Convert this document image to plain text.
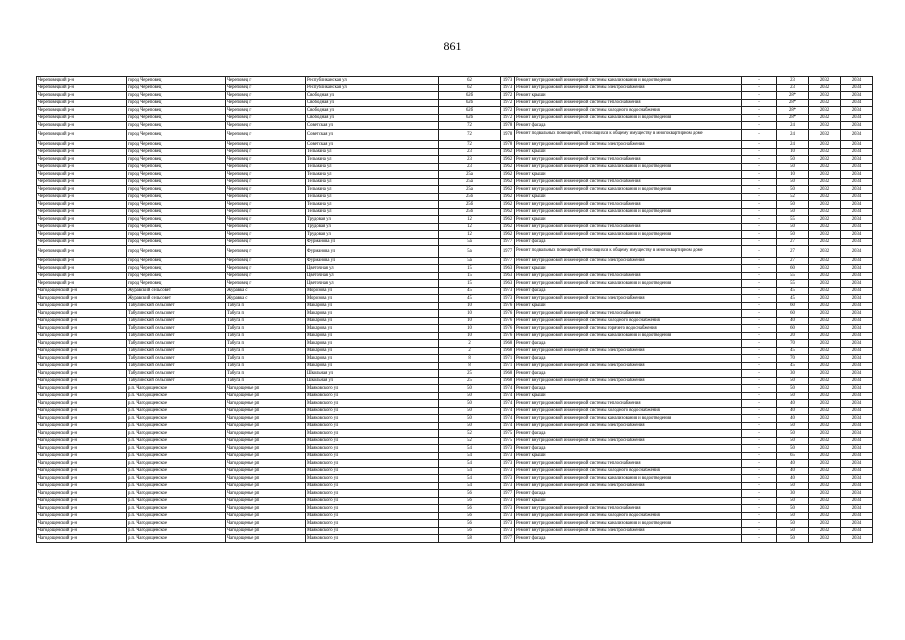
861
Череповецкий р-н	город Череповец	Череповец г	Республиканская ул	62	1973	Ремонт внутридомовой инженерной системы канализования и водоотведения	-	23	2032	2034
Череповецкий р-н	город Череповец	Череповец г	Республиканская ул	62	1973	Ремонт внутридомовой инженерной системы электроснабжения	-	23	2032	2034
Череповецкий р-н	город Череповец	Череповец г	Свободная ул	62б	1972	Ремонт крыши	-	28*	2032	2034
Череповецкий р-н	город Череповец	Череповец г	Свободная ул	62б	1972	Ремонт внутридомовой инженерной системы теплоснабжения	-	28*	2032	2034
Череповецкий р-н	город Череповец	Череповец г	Свободная ул	62б	1972	Ремонт внутридомовой инженерной системы холодного водоснабжения	-	28*	2032	2034
Череповецкий р-н	город Череповец	Череповец г	Свободная ул	62б	1972	Ремонт внутридомовой инженерной системы канализования и водоотведения	-	28*	2032	2034
Череповецкий р-н	город Череповец	Череповец г	Советская ул	72	1978	Ремонт фасада	-	24	2032	2034
Череповецкий р-н	город Череповец	Череповец г	Советская ул	72	1978	Ремонт подвальных помещений, относящихся к общему имуществу в многоквартирном доме	-	24	2032	2034
Череповецкий р-н	город Череповец	Череповец г	Советская ул	72	1978	Ремонт внутридомовой инженерной системы электроснабжения	-	24	2032	2034
Череповецкий р-н	город Череповец	Череповец г	Тельмана ул	23	1962	Ремонт крыши	-	10	2032	2034
Череповецкий р-н	город Череповец	Череповец г	Тельмана ул	23	1962	Ремонт внутридомовой инженерной системы теплоснабжения	-	50	2032	2034
Череповецкий р-н	город Череповец	Череповец г	Тельмана ул	23	1962	Ремонт внутридомовой инженерной системы канализования и водоотведения	-	50	2032	2034
Череповецкий р-н	город Череповец	Череповец г	Тельмана ул	25а	1962	Ремонт крыши	-	10	2032	2034
Череповецкий р-н	город Череповец	Череповец г	Тельмана ул	25а	1962	Ремонт внутридомовой инженерной системы теплоснабжения	-	50	2032	2034
Череповецкий р-н	город Череповец	Череповец г	Тельмана ул	25а	1962	Ремонт внутридомовой инженерной системы канализования и водоотведения	-	50	2032	2034
Череповецкий р-н	город Череповец	Череповец г	Тельмана ул	25б	1962	Ремонт крыши	-	52	2032	2034
Череповецкий р-н	город Череповец	Череповец г	Тельмана ул	25б	1962	Ремонт внутридомовой инженерной системы теплоснабжения	-	50	2032	2034
Череповецкий р-н	город Череповец	Череповец г	Тельмана ул	25б	1962	Ремонт внутридомовой инженерной системы канализования и водоотведения	-	50	2032	2034
Череповецкий р-н	город Череповец	Череповец г	Трудовая ул	12	1962	Ремонт крыши	-	55	2032	2034
Череповецкий р-н	город Череповец	Череповец г	Трудовая ул	12	1962	Ремонт внутридомовой инженерной системы теплоснабжения	-	50	2032	2034
Череповецкий р-н	город Череповец	Череповец г	Трудовая ул	12	1962	Ремонт внутридомовой инженерной системы канализования и водоотведения	-	50	2032	2034
Череповецкий р-н	город Череповец	Череповец г	Фурманова ул	5а	1977	Ремонт фасада	-	27	2032	2034
Череповецкий р-н	город Череповец	Череповец г	Фурманова ул	5а	1977	Ремонт подвальных помещений, относящихся к общему имуществу в многоквартирном доме	-	27	2032	2034
Череповецкий р-н	город Череповец	Череповец г	Фурманова ул	5а	1977	Ремонт внутридомовой инженерной системы электроснабжения	-	27	2032	2034
Череповецкий р-н	город Череповец	Череповец г	Цветочная ул	15	1963	Ремонт крыши	-	60	2032	2034
Череповецкий р-н	город Череповец	Череповец г	Цветочная ул	15	1963	Ремонт внутридомовой инженерной системы теплоснабжения	-	55	2032	2034
Череповецкий р-н	город Череповец	Череповец г	Цветочная ул	15	1963	Ремонт внутридомовой инженерной системы канализования и водоотведения	-	55	2032	2034
Чагодощенский р-н	Журавский сельсовет	Журавка с	Морозова ул	45	1973	Ремонт фасада	-	45	2032	2034
Чагодощенский р-н	Журавский сельсовет	Журавка с	Морозова ул	45	1973	Ремонт внутридомовой инженерной системы электроснабжения	-	45	2032	2034
Чагодощенский р-н	Табулинский сельсовет	Табуга п	Макарова ул	10	1976	Ремонт крыши	-	60	2032	2034
Чагодощенский р-н	Табулинский сельсовет	Табуга п	Макарова ул	10	1976	Ремонт внутридомовой инженерной системы теплоснабжения	-	60	2032	2034
Чагодощенский р-н	Табулинский сельсовет	Табуга п	Макарова ул	10	1976	Ремонт внутридомовой инженерной системы холодного водоснабжения	-	40	2032	2034
Чагодощенский р-н	Табулинский сельсовет	Табуга п	Макарова ул	10	1976	Ремонт внутридомовой инженерной системы горячего водоснабжения	-	60	2032	2034
Чагодощенский р-н	Табулинский сельсовет	Табуга п	Макарова ул	10	1976	Ремонт внутридомовой инженерной системы канализования и водоотведения	-	20	2032	2034
Чагодощенский р-н	Табулинский сельсовет	Табуга п	Макарова ул	2	1968	Ремонт фасада	-	70	2032	2034
Чагодощенский р-н	Табулинский сельсовет	Табуга п	Макарова ул	2	1968	Ремонт внутридомовой инженерной системы электроснабжения	-	45	2032	2034
Чагодощенский р-н	Табулинский сельсовет	Табуга п	Макарова ул	8	1971	Ремонт фасада	-	70	2032	2034
Чагодощенский р-н	Табулинский сельсовет	Табуга п	Макарова ул	8	1971	Ремонт внутридомовой инженерной системы электроснабжения	-	45	2032	2034
Чагодощенский р-н	Табулинский сельсовет	Табуга п	Школьная ул	25	1968	Ремонт фасада	-	30	2032	2034
Чагодощенский р-н	Табулинский сельсовет	Табуга п	Школьная ул	25	1968	Ремонт внутридомовой инженерной системы электроснабжения	-	50	2032	2034
Чагодощенский р-н	р.п. Чагодощенское	Чагодощенье рп	Маяковского ул	50	1974	Ремонт фасада	-	50	2032	2034
Чагодощенский р-н	р.п. Чагодощенское	Чагодощенье рп	Маяковского ул	50	1974	Ремонт крыши	-	50	2032	2034
Чагодощенский р-н	р.п. Чагодощенское	Чагодощенье рп	Маяковского ул	50	1974	Ремонт внутридомовой инженерной системы теплоснабжения	-	40	2032	2034
Чагодощенский р-н	р.п. Чагодощенское	Чагодощенье рп	Маяковского ул	50	1974	Ремонт внутридомовой инженерной системы холодного водоснабжения	-	40	2032	2034
Чагодощенский р-н	р.п. Чагодощенское	Чагодощенье рп	Маяковского ул	50	1974	Ремонт внутридомовой инженерной системы канализования и водоотведения	-	40	2032	2034
Чагодощенский р-н	р.п. Чагодощенское	Чагодощенье рп	Маяковского ул	50	1974	Ремонт внутридомовой инженерной системы электроснабжения	-	50	2032	2034
Чагодощенский р-н	р.п. Чагодощенское	Чагодощенье рп	Маяковского ул	52	1975	Ремонт фасада	-	50	2032	2034
Чагодощенский р-н	р.п. Чагодощенское	Чагодощенье рп	Маяковского ул	52	1975	Ремонт внутридомовой инженерной системы электроснабжения	-	50	2032	2034
Чагодощенский р-н	р.п. Чагодощенское	Чагодощенье рп	Маяковского ул	54	1973	Ремонт фасада	-	50	2032	2034
Чагодощенский р-н	р.п. Чагодощенское	Чагодощенье рп	Маяковского ул	54	1973	Ремонт крыши	-	65	2032	2034
Чагодощенский р-н	р.п. Чагодощенское	Чагодощенье рп	Маяковского ул	54	1973	Ремонт внутридомовой инженерной системы теплоснабжения	-	40	2032	2034
Чагодощенский р-н	р.п. Чагодощенское	Чагодощенье рп	Маяковского ул	54	1973	Ремонт внутридомовой инженерной системы холодного водоснабжения	-	40	2032	2034
Чагодощенский р-н	р.п. Чагодощенское	Чагодощенье рп	Маяковского ул	54	1973	Ремонт внутридомовой инженерной системы канализования и водоотведения	-	40	2032	2034
Чагодощенский р-н	р.п. Чагодощенское	Чагодощенье рп	Маяковского ул	54	1973	Ремонт внутридомовой инженерной системы электроснабжения	-	50	2032	2034
Чагодощенский р-н	р.п. Чагодощенское	Чагодощенье рп	Маяковского ул	56	1977	Ремонт фасада	-	30	2032	2034
Чагодощенский р-н	р.п. Чагодощенское	Чагодощенье рп	Маяковского ул	56	1973	Ремонт крыши	-	50	2032	2034
Чагодощенский р-н	р.п. Чагодощенское	Чагодощенье рп	Маяковского ул	56	1973	Ремонт внутридомовой инженерной системы теплоснабжения	-	50	2032	2034
Чагодощенский р-н	р.п. Чагодощенское	Чагодощенье рп	Маяковского ул	56	1973	Ремонт внутридомовой инженерной системы холодного водоснабжения	-	50	2032	2034
Чагодощенский р-н	р.п. Чагодощенское	Чагодощенье рп	Маяковского ул	56	1973	Ремонт внутридомовой инженерной системы канализования и водоотведения	-	50	2032	2034
Чагодощенский р-н	р.п. Чагодощенское	Чагодощенье рп	Маяковского ул	56	1973	Ремонт внутридомовой инженерной системы электроснабжения	-	50	2032	2034
Чагодощенский р-н	р.п. Чагодощенское	Чагодощенье рп	Маяковского ул	58	1977	Ремонт фасада	-	50	2032	2034
